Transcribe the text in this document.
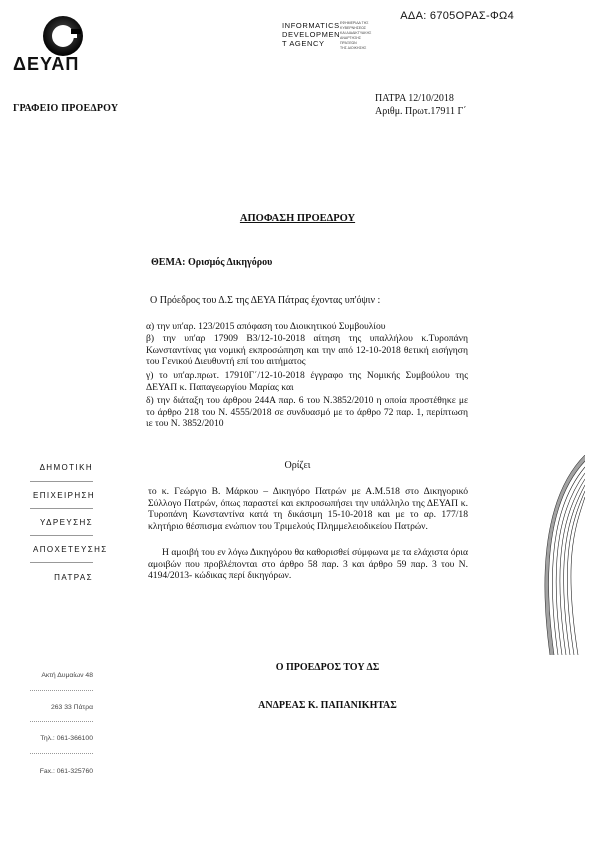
ΑΔΑ: 6705ΟΡΑΣ-ΦΩ4
ΔΕΥΑΠ
INFORMATICS
DEVELOPMEN
T AGENCY
ΕΦΗΜΕΡΙΔΑ ΤΗΣ
ΚΥΒΕΡΝΗΣΕΩΣ
ΚΑΙ ΔΙΑΔΙΚΤΥΑΚΗΣ
ΑΝΑΡΤΗΣΗΣ
ΠΡΑΞΕΩΝ
ΤΗΣ ΔΙΟΙΚΗΣΗΣ
ΓΡΑΦΕΙΟ ΠΡΟΕΔΡΟΥ
ΠΑΤΡΑ 12/10/2018
Αριθμ. Πρωτ.17911 Γ΄
ΑΠΟΦΑΣΗ ΠΡΟΕΔΡΟΥ
ΘΕΜΑ: Ορισμός Δικηγόρου
Ο Πρόεδρος του Δ.Σ της ΔΕΥΑ Πάτρας έχοντας υπ'όψιν :
α) την υπ'αρ. 123/2015 απόφαση του Διοικητικού Συμβουλίου
β) την υπ'αρ 17909 Β3/12-10-2018 αίτηση της υπαλλήλου κ.Τυροπάνη Κωνσταντίνας για νομική εκπροσώπηση και την από 12-10-2018 θετική εισήγηση του Γενικού Διευθυντή επί του αιτήματος
γ) το υπ'αρ.πρωτ. 17910Γ΄/12-10-2018 έγγραφο της Νομικής Συμβούλου της ΔΕΥΑΠ κ. Παπαγεωργίου Μαρίας και
δ) την διάταξη του άρθρου 244Α παρ. 6 του Ν.3852/2010 η οποία προστέθηκε με το άρθρο 218 του Ν. 4555/2018 σε συνδυασμό με το άρθρο 72 παρ. 1, περίπτωση ιε του Ν. 3852/2010
Ορίζει
το κ. Γεώργιο Β. Μάρκου – Δικηγόρο Πατρών με Α.Μ.518 στο Δικηγορικό Σύλλογο Πατρών, όπως παραστεί και εκπροσωπήσει την υπάλληλο της ΔΕΥΑΠ κ. Τυροπάνη Κωνσταντίνα κατά τη δικάσιμη 15-10-2018 και με το αρ. 177/18 κλητήριο θέσπισμα ενώπιον του Τριμελούς Πλημμελειοδικείου Πατρών.
Η αμοιβή του εν λόγω Δικηγόρου θα καθορισθεί σύμφωνα με τα ελάχιστα όρια αμοιβών που προβλέπονται στο άρθρο 58 παρ. 3 και άρθρο 59 παρ. 3 του Ν. 4194/2013- κώδικας περί δικηγόρων.
Ο ΠΡΟΕΔΡΟΣ ΤΟΥ ΔΣ
ΑΝΔΡΕΑΣ Κ. ΠΑΠΑΝΙΚΗΤΑΣ
ΔΗΜΟΤΙΚΗ
ΕΠΙΧΕΙΡΗΣΗ
ΥΔΡΕΥΣΗΣ
ΑΠΟΧΕΤΕΥΣΗΣ
ΠΑΤΡΑΣ
Ακτή Δυμαίων 48
263 33 Πάτρα
Τηλ.: 061-366100
Fax.: 061-325760
